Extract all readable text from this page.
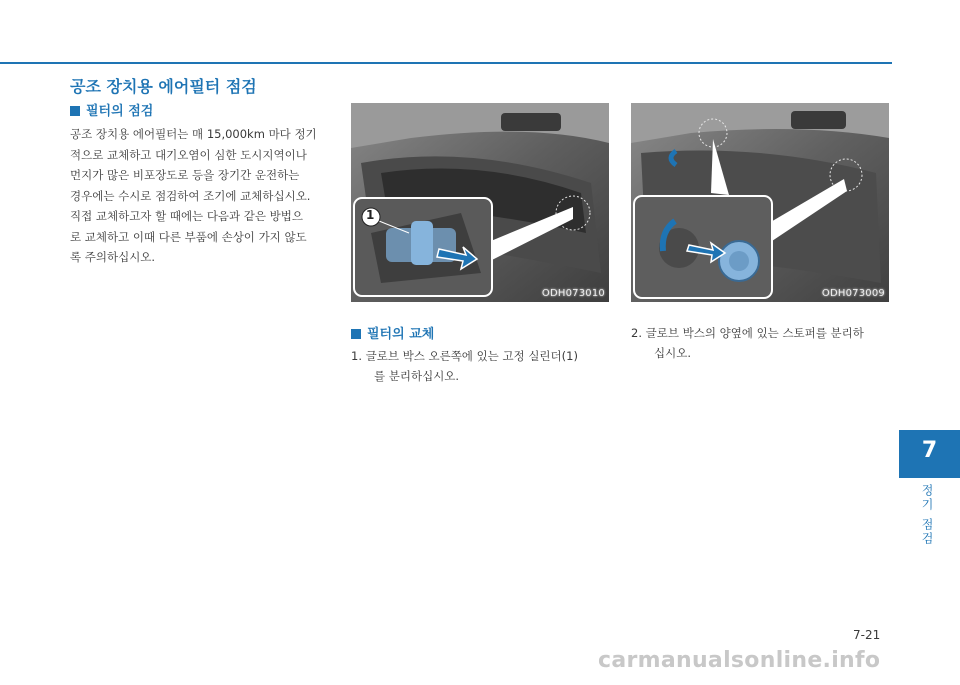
공조 장치용 에어필터 점검
필터의 점검
공조 장치용 에어필터는 매 15,000km 마다 정기
적으로 교체하고 대기오염이 심한 도시지역이나
먼지가 많은 비포장도로 등을 장기간 운전하는
경우에는 수시로 점검하여 조기에 교체하십시오.
직접 교체하고자 할 때에는 다음과 같은 방법으
로 교체하고 이때 다른 부품에 손상이 가지 않도
록 주의하십시오.
1
ODH073010	ODH073009
필터의 교체
1. 글로브 박스 오른쪽에 있는 고정 실린더(1)
를 분리하십시오.
2. 글로브 박스의 양옆에 있는 스토퍼를 분리하
십시오.
7
정기 점검
7-21
carmanualsonline.info
